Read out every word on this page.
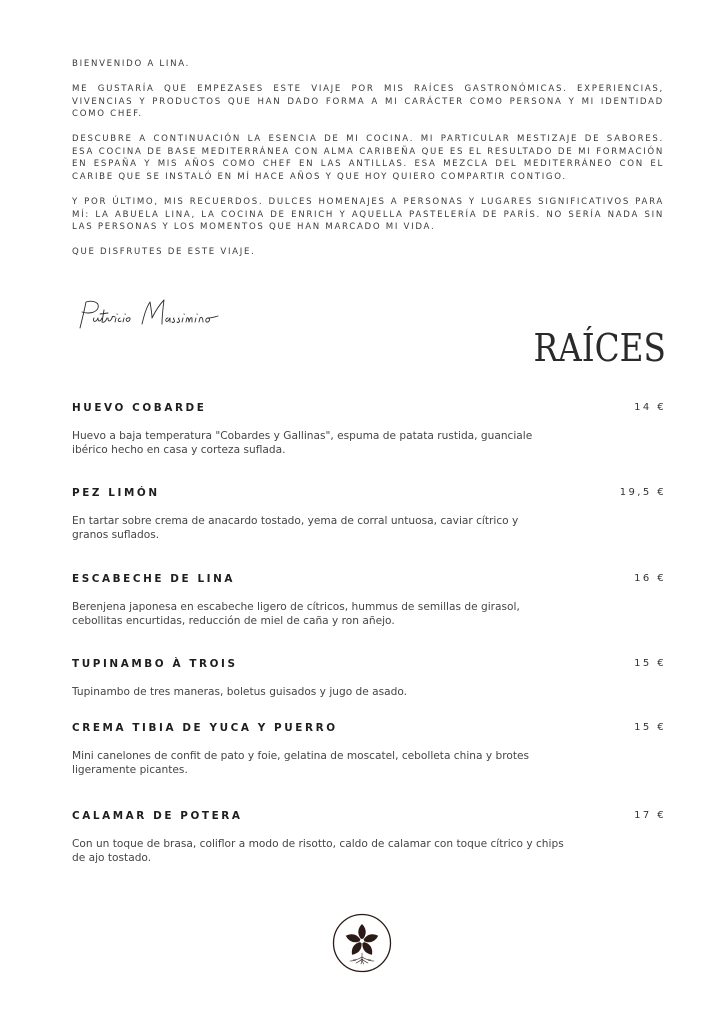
BIENVENIDO A LINA.

ME GUSTARÍA QUE EMPEZASES ESTE VIAJE POR MIS RAÍCES GASTRONÓMICAS. EXPERIENCIAS, VIVENCIAS Y PRODUCTOS QUE HAN DADO FORMA A MI CARÁCTER COMO PERSONA Y MI IDENTIDAD COMO CHEF.

DESCUBRE A CONTINUACIÓN LA ESENCIA DE MI COCINA. MI PARTICULAR MESTIZAJE DE SABORES. ESA COCINA DE BASE MEDITERRÁNEA CON ALMA CARIBEÑA QUE ES EL RESULTADO DE MI FORMACIÓN EN ESPAÑA Y MIS AÑOS COMO CHEF EN LAS ANTILLAS. ESA MEZCLA DEL MEDITERRÁNEO CON EL CARIBE QUE SE INSTALÓ EN MÍ HACE AÑOS Y QUE HOY QUIERO COMPARTIR CONTIGO.

Y POR ÚLTIMO, MIS RECUERDOS. DULCES HOMENAJES A PERSONAS Y LUGARES SIGNIFICATIVOS PARA MÍ: LA ABUELA LINA, LA COCINA DE ENRICH Y AQUELLA PASTELERÍA DE PARÍS. NO SERÍA NADA SIN LAS PERSONAS Y LOS MOMENTOS QUE HAN MARCADO MI VIDA.

QUE DISFRUTES DE ESTE VIAJE.

RAÍCES
HUEVO COBARDE	14 €

Huevo a baja temperatura "Cobardes y Gallinas", espuma de patata rustida, guanciale ibérico hecho en casa y corteza suflada.

PEZ LIMÓN	19,5 €

En tartar sobre crema de anacardo tostado, yema de corral untuosa, caviar cítrico y granos suflados.

ESCABECHE DE LINA	16 €

Berenjena japonesa en escabeche ligero de cítricos, hummus de semillas de girasol, cebollitas encurtidas, reducción de miel de caña y ron añejo.

TUPINAMBO À TROIS	15 €

Tupinambo de tres maneras, boletus guisados y jugo de asado.

CREMA TIBIA DE YUCA Y PUERRO	15 €

Mini canelones de confit de pato y foie, gelatina de moscatel, cebolleta china y brotes ligeramente picantes.

CALAMAR DE POTERA	17 €

Con un toque de brasa, coliflor a modo de risotto, caldo de calamar con toque cítrico y chips de ajo tostado.
